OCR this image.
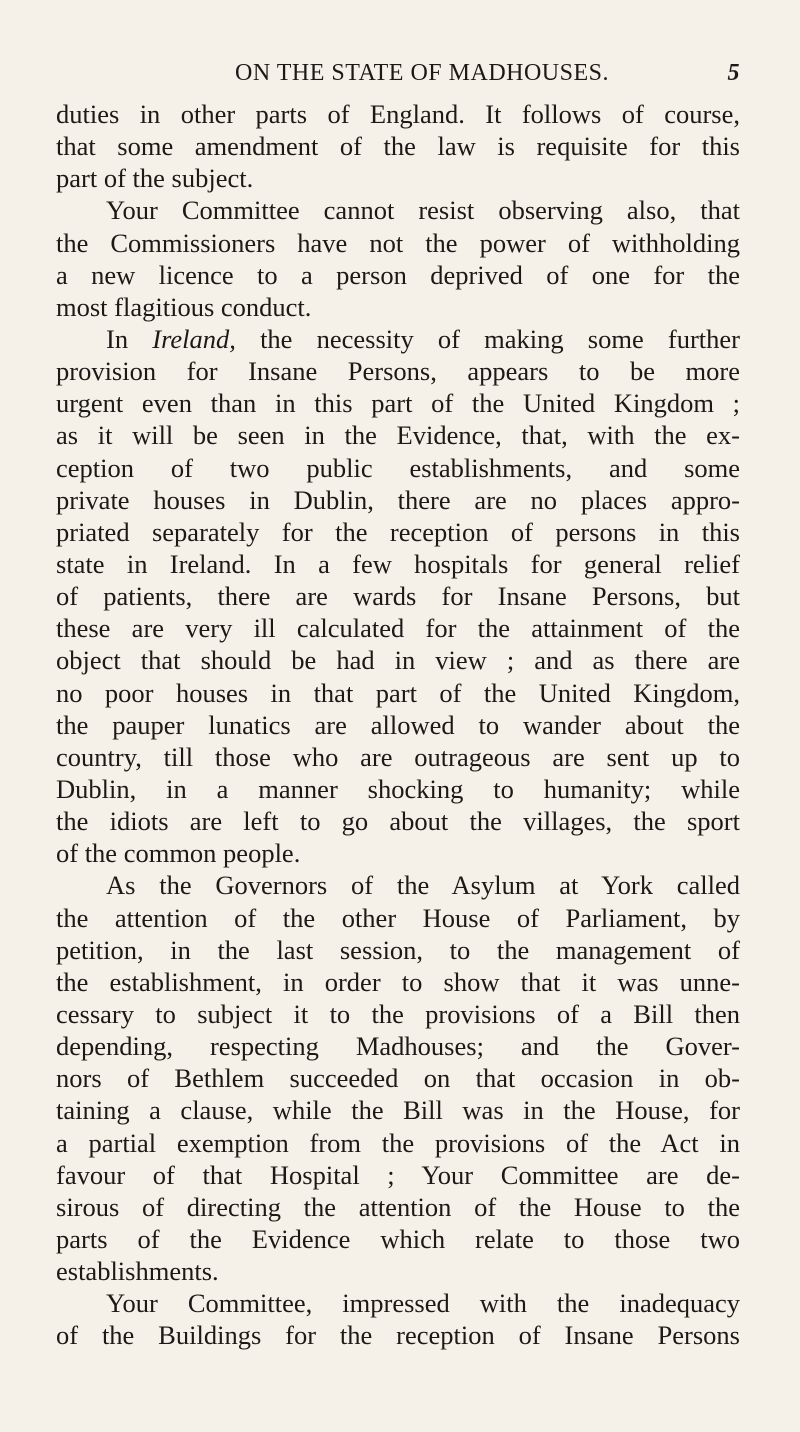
ON THE STATE OF MADHOUSES.	5
duties in other parts of England. It follows of course,
that some amendment of the law is requisite for this
part of the subject.
Your Committee cannot resist observing also, that
the Commissioners have not the power of withholding
a new licence to a person deprived of one for the
most flagitious conduct.
In Ireland, the necessity of making some further
provision for Insane Persons, appears to be more
urgent even than in this part of the United Kingdom ;
as it will be seen in the Evidence, that, with the ex-
ception of two public establishments, and some
private houses in Dublin, there are no places appro-
priated separately for the reception of persons in this
state in Ireland. In a few hospitals for general relief
of patients, there are wards for Insane Persons, but
these are very ill calculated for the attainment of the
object that should be had in view ; and as there are
no poor houses in that part of the United Kingdom,
the pauper lunatics are allowed to wander about the
country, till those who are outrageous are sent up to
Dublin, in a manner shocking to humanity; while
the idiots are left to go about the villages, the sport
of the common people.
As the Governors of the Asylum at York called
the attention of the other House of Parliament, by
petition, in the last session, to the management of
the establishment, in order to show that it was unne-
cessary to subject it to the provisions of a Bill then
depending, respecting Madhouses; and the Gover-
nors of Bethlem succeeded on that occasion in ob-
taining a clause, while the Bill was in the House, for
a partial exemption from the provisions of the Act in
favour of that Hospital ; Your Committee are de-
sirous of directing the attention of the House to the
parts of the Evidence which relate to those two
establishments.
Your Committee, impressed with the inadequacy
of the Buildings for the reception of Insane Persons
